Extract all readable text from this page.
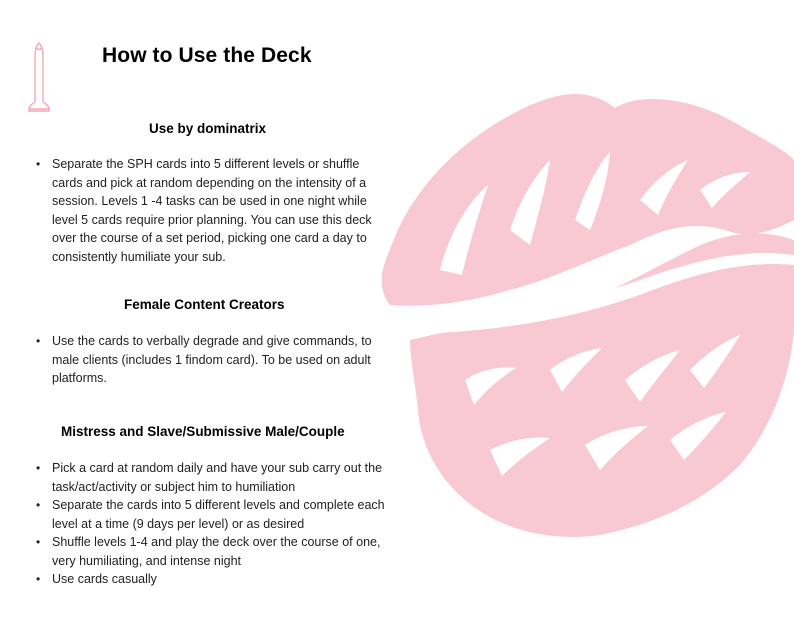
How to Use the Deck
Use by dominatrix
• Separate the SPH cards into 5 different levels or shuffle cards and pick at random depending on the intensity of a session. Levels 1 -4 tasks can be used in one night while level 5 cards require prior planning. You can use this deck over the course of a set period, picking one card a day to consistently humiliate your sub.
Female Content Creators
• Use the cards to verbally degrade and give commands, to male clients (includes 1 findom card). To be used on adult platforms.
Mistress and Slave/Submissive Male/Couple
• Pick a card at random daily and have your sub carry out the task/act/activity or subject him to humiliation
• Separate the cards into 5 different levels and complete each level at a time (9 days per level) or as desired
• Shuffle levels 1-4 and play the deck over the course of one, very humiliating, and intense night
• Use cards casually
